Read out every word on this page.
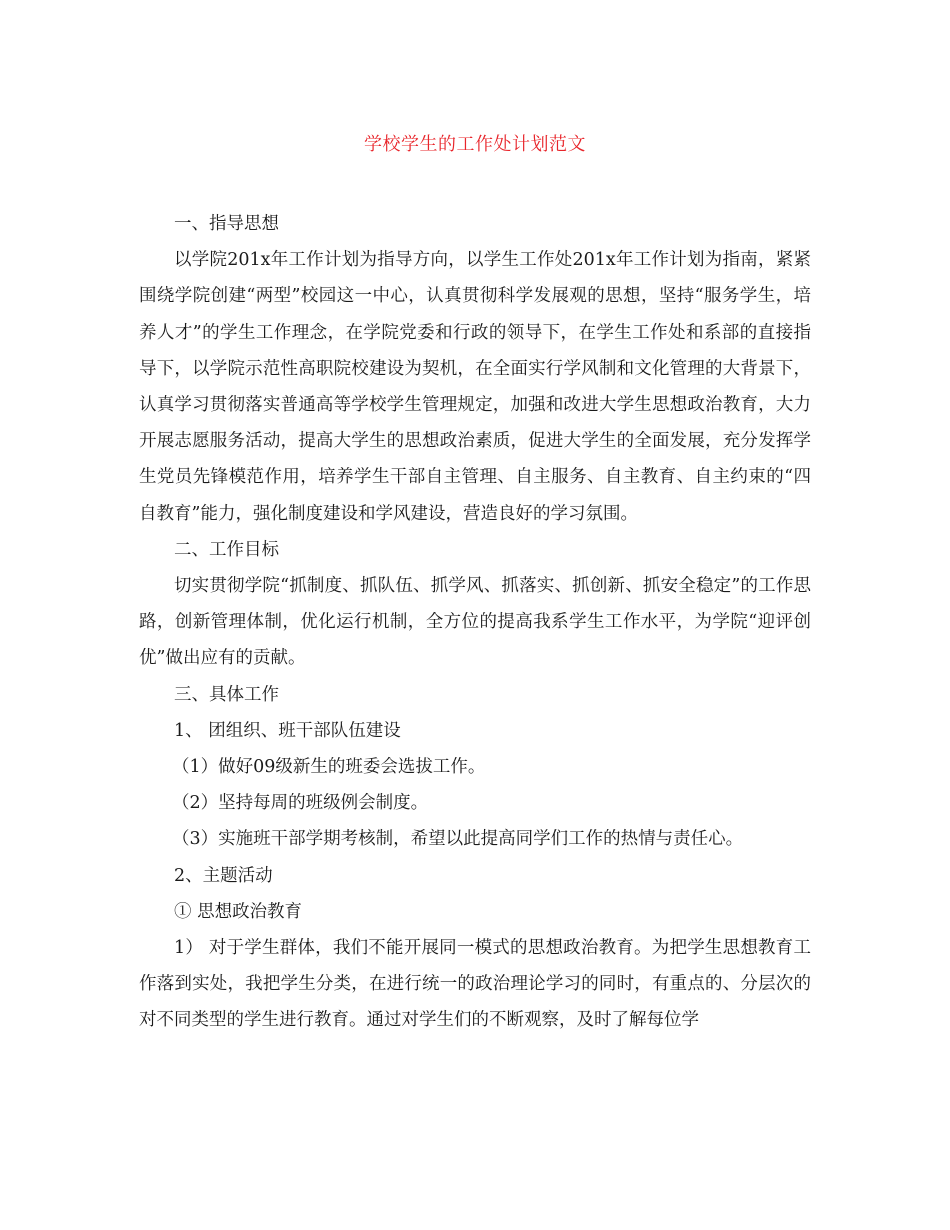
学校学生的工作处计划范文

一、指导思想

以学院201x年工作计划为指导方向，以学生工作处201x年工作计划为指南，紧紧围绕学院创建“两型”校园这一中心，认真贯彻科学发展观的思想，坚持“服务学生，培养人才”的学生工作理念，在学院党委和行政的领导下，在学生工作处和系部的直接指导下，以学院示范性高职院校建设为契机，在全面实行学风制和文化管理的大背景下，认真学习贯彻落实普通高等学校学生管理规定，加强和改进大学生思想政治教育，大力开展志愿服务活动，提高大学生的思想政治素质，促进大学生的全面发展，充分发挥学生党员先锋模范作用，培养学生干部自主管理、自主服务、自主教育、自主约束的“四自教育”能力，强化制度建设和学风建设，营造良好的学习氛围。

二、工作目标

切实贯彻学院“抓制度、抓队伍、抓学风、抓落实、抓创新、抓安全稳定”的工作思路，创新管理体制，优化运行机制，全方位的提高我系学生工作水平，为学院“迎评创优”做出应有的贡献。

三、具体工作

1、 团组织、班干部队伍建设

（1）做好09级新生的班委会选拔工作。

（2）坚持每周的班级例会制度。

（3）实施班干部学期考核制，希望以此提高同学们工作的热情与责任心。

2、主题活动

① 思想政治教育

1） 对于学生群体，我们不能开展同一模式的思想政治教育。为把学生思想教育工作落到实处，我把学生分类，在进行统一的政治理论学习的同时，有重点的、分层次的对不同类型的学生进行教育。通过对学生们的不断观察，及时了解每位学
